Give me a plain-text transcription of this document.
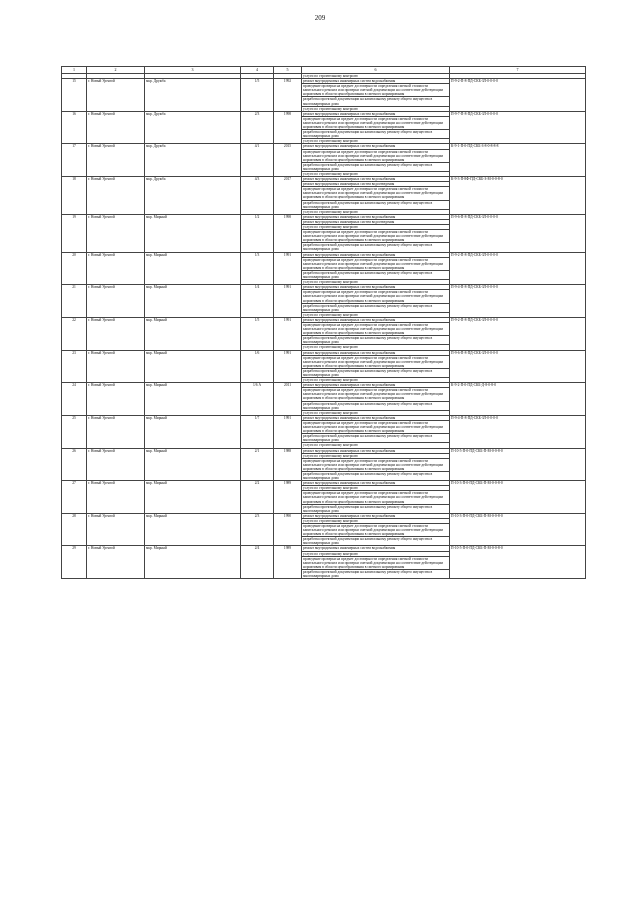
209
1	2	3	4	5	6	7
					услуги по строительному контролю	
15	г. Новый Уренгой	мкр. Дружба	1/5	1992	ремонт внутридомовых инженерных систем водоснабжения	П-9-2-П-8-ПД-СКБ-ЗЛ-0-0-0-0
					проведение проверки на предмет достоверности определения сметной стоимости капитального ремонта или проверки сметной документации на соответствие действующим нормативам в области ценообразования в сметного нормирования	
					разработка проектной документации на капитальному ремонту общего имущества в многоквартирных дома	
					услуги по строительному контролю	
16	г. Новый Уренгой	мкр. Дружба	2/3	1998	ремонт внутридомовых инженерных систем водоснабжения	П-9-7-П-8-ПД-СКБ-ЗЛ-0-0-0-0
					проведение проверки на предмет достоверности определения сметной стоимости капитального ремонта или проверки сметной документации на соответствие действующим нормативам в области ценообразования в сметного нормирования	
					разработка проектной документации на капитальному ремонту общего имущества в многоквартирных дома	
					услуги по строительному контролю	
17	г. Новый Уренгой	мкр. Дружба	4/1	2015	ремонт внутридомовых инженерных систем водоснабжения	К-9-1-П-0-ПД-СКБ-З-8-0-8-8-8
					проведение проверки на предмет достоверности определения сметной стоимости капитального ремонта или проверки сметной документации на соответствие действующим нормативам в области ценообразования в сметного нормирования	
					разработка проектной документации на капитальному ремонту общего имущества в многоквартирных дома	
					услуги по строительному контролю	
18	г. Новый Уренгой	мкр. Дружба	4/3	2017	ремонт внутридомовых инженерных систем водоснабжения	К-9-3-П-8Ф-ПД-СКБ-З-М-0-0-8-0
					ремонт внутридомовых инженерных систем водоотведения	
					проведение проверки на предмет достоверности определения сметной стоимости капитального ремонта или проверки сметной документации на соответствие действующим нормативам в области ценообразования в сметного нормирования	
					разработка проектной документации на капитальному ремонту общего имущества в многоквартирных дома	
					услуги по строительному контролю	
19	г. Новый Уренгой	мкр. Мирный	1/2	1998	ремонт внутридомовых инженерных систем водоснабжения	П-9-6-П-8-ПД-СКБ-ЗЛ-0-0-0-0
					ремонт внутридомовых инженерных систем водоотведения	
					услуги по строительному контролю	
					проведение проверки на предмет достоверности определения сметной стоимости капитального ремонта или проверки сметной документации на соответствие действующим нормативам в области ценообразования в сметного нормирования	
					разработка проектной документации на капитальному ремонту общего имущества в многоквартирных дома	
20	г. Новый Уренгой	мкр. Мирный	1/3	1991	ремонт внутридомовых инженерных систем водоснабжения	П-9-2-П-8-ПД-СКБ-ЗЛ-0-0-0-0
					проведение проверки на предмет достоверности определения сметной стоимости капитального ремонта или проверки сметной документации на соответствие действующим нормативам в области ценообразования в сметного нормирования	
					разработка проектной документации на капитальному ремонту общего имущества в многоквартирных дома	
					услуги по строительному контролю	
21	г. Новый Уренгой	мкр. Мирный	1/4	1991	ремонт внутридомовых инженерных систем водоснабжения	П-9-4-П-8-ПД-СКБ-ЗЛ-0-0-0-0
					проведение проверки на предмет достоверности определения сметной стоимости капитального ремонта или проверки сметной документации на соответствие действующим нормативам в области ценообразования в сметного нормирования	
					разработка проектной документации на капитальному ремонту общего имущества в многоквартирных дома	
					услуги по строительному контролю	
22	г. Новый Уренгой	мкр. Мирный	1/5	1991	ремонт внутридомовых инженерных систем водоснабжения	П-9-2-П-8-ПД-СКБ-ЗЛ-0-0-0-0
					проведение проверки на предмет достоверности определения сметной стоимости капитального ремонта или проверки сметной документации на соответствие действующим нормативам в области ценообразования в сметного нормирования	
					разработка проектной документации на капитальному ремонту общего имущества в многоквартирных дома	
					услуги по строительному контролю	
23	г. Новый Уренгой	мкр. Мирный	1/6	1991	ремонт внутридомовых инженерных систем водоснабжения	П-9-6-П-8-ПД-СКБ-ЗЛ-0-0-0-0
					проведение проверки на предмет достоверности определения сметной стоимости капитального ремонта или проверки сметной документации на соответствие действующим нормативам в области ценообразования в сметного нормирования	
					разработка проектной документации на капитальному ремонту общего имущества в многоквартирных дома	
					услуги по строительному контролю	
24	г. Новый Уренгой	мкр. Мирный	1/6 А	2011	ремонт внутридомовых инженерных систем водоснабжения	К-9-2-П-0-ПД-СКБ-Д-8-0-8-0
					проведение проверки на предмет достоверности определения сметной стоимости капитального ремонта или проверки сметной документации на соответствие действующим нормативам в области ценообразования в сметного нормирования	
					разработка проектной документации на капитальному ремонту общего имущества в многоквартирных дома	
					услуги по строительному контролю	
25	г. Новый Уренгой	мкр. Мирный	1/7	1991	ремонт внутридомовых инженерных систем водоснабжения	П-9-4-П-8-ПД-СКБ-ЗЛ-0-0-0-0
					проведение проверки на предмет достоверности определения сметной стоимости капитального ремонта или проверки сметной документации на соответствие действующим нормативам в области ценообразования в сметного нормирования	
					разработка проектной документации на капитальному ремонту общего имущества в многоквартирных дома	
					услуги по строительному контролю	
26	г. Новый Уренгой	мкр. Мирный	2/1	1988	ремонт внутридомовых инженерных систем водоснабжения	П-10-5-П-0-ПД-СКБ-П-М-0-0-8-0
					услуги по строительному контролю	
					проведение проверки на предмет достоверности определения сметной стоимости капитального ремонта или проверки сметной документации на соответствие действующим нормативам в области ценообразования в сметного нормирования	
					разработка проектной документации на капитальному ремонту общего имущества в многоквартирных дома	
27	г. Новый Уренгой	мкр. Мирный	2/2	1989	ремонт внутридомовых инженерных систем водоснабжения	П-10-3-П-0-ПД-СКБ-П-М-0-0-8-0
					услуги по строительному контролю	
					проведение проверки на предмет достоверности определения сметной стоимости капитального ремонта или проверки сметной документации на соответствие действующим нормативам в области ценообразования в сметного нормирования	
					разработка проектной документации на капитальному ремонту общего имущества в многоквартирных дома	
28	г. Новый Уренгой	мкр. Мирный	2/3	1990	ремонт внутридомовых инженерных систем водоснабжения	П-10-3-П-0-ПД-СКБ-П-М-0-0-8-0
					услуги по строительному контролю	
					проведение проверки на предмет достоверности определения сметной стоимости капитального ремонта или проверки сметной документации на соответствие действующим нормативам в области ценообразования в сметного нормирования	
					разработка проектной документации на капитальному ремонту общего имущества в многоквартирных дома	
29	г. Новый Уренгой	мкр. Мирный	2/4	1989	ремонт внутридомовых инженерных систем водоснабжения	П-10-5-П-0-ПД-СКБ-П-М-0-0-8-0
					услуги по строительному контролю	
					проведение проверки на предмет достоверности определения сметной стоимости капитального ремонта или проверки сметной документации на соответствие действующим нормативам в области ценообразования в сметного нормирования	
					разработка проектной документации на капитальному ремонту общего имущества в многоквартирных дома	
